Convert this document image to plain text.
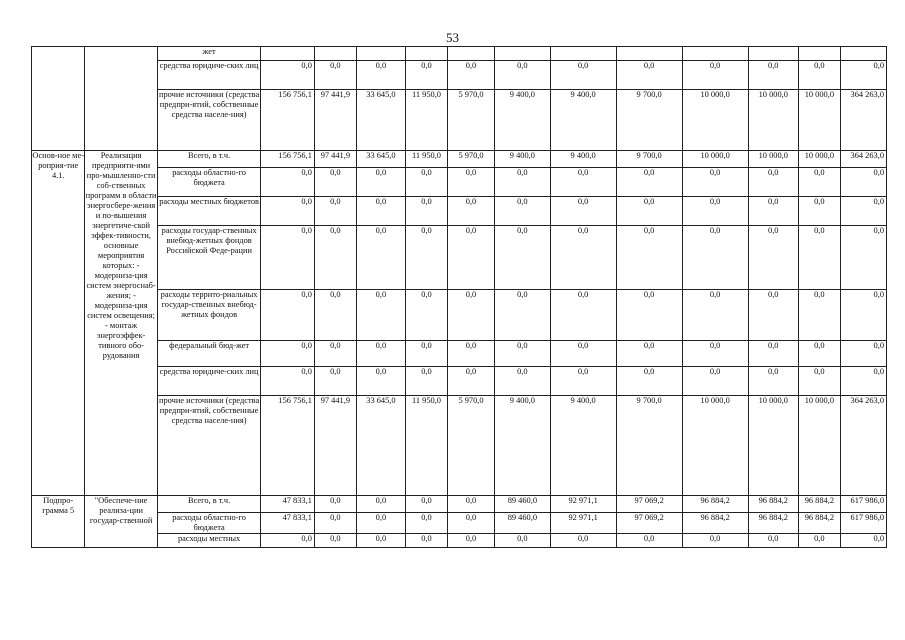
53
		жет												
		средства юридиче-ских лиц	0,0	0,0	0,0	0,0	0,0	0,0	0,0	0,0	0,0	0,0	0,0	0,0
		прочие источники (средства предпри-ятий, собственные средства населе-ния)	156 756,1	97 441,9	33 645,0	11 950,0	5 970,0	9 400,0	9 400,0	9 700,0	10 000,0	10 000,0	10 000,0	364 263,0
Основ-ное ме-роприя-тие 4.1.	Реализация предприяти-ями про-мышленно-сти соб-ственных программ в области энергосбере-жения и по-вышения энергетиче-ской эффек-тивности, основные мероприятия которых: - модерниза-ция систем энергоснаб-жения; - модерниза-ция систем освещения; - монтаж энергоэффек-тивного обо-рудования	Всего, в т.ч.	156 756,1	97 441,9	33 645,0	11 950,0	5 970,0	9 400,0	9 400,0	9 700,0	10 000,0	10 000,0	10 000,0	364 263,0
		расходы областно-го бюджета	0,0	0,0	0,0	0,0	0,0	0,0	0,0	0,0	0,0	0,0	0,0	0,0
		расходы местных бюджетов	0,0	0,0	0,0	0,0	0,0	0,0	0,0	0,0	0,0	0,0	0,0	0,0
		расходы государ-ственных внебюд-жетных фондов Российской Феде-рации	0,0	0,0	0,0	0,0	0,0	0,0	0,0	0,0	0,0	0,0	0,0	0,0
		расходы террито-риальных государ-ственных внебюд-жетных фондов	0,0	0,0	0,0	0,0	0,0	0,0	0,0	0,0	0,0	0,0	0,0	0,0
		федеральный бюд-жет	0,0	0,0	0,0	0,0	0,0	0,0	0,0	0,0	0,0	0,0	0,0	0,0
		средства юридиче-ских лиц	0,0	0,0	0,0	0,0	0,0	0,0	0,0	0,0	0,0	0,0	0,0	0,0
		прочие источники (средства предпри-ятий, собственные средства населе-ния)	156 756,1	97 441,9	33 645,0	11 950,0	5 970,0	9 400,0	9 400,0	9 700,0	10 000,0	10 000,0	10 000,0	364 263,0
Подпро-грамма 5	"Обеспече-ние реализа-ции государ-ственной	Всего, в т.ч.	47 833,1	0,0	0,0	0,0	0,0	89 460,0	92 971,1	97 069,2	96 884,2	96 884,2	96 884,2	617 986,0
		расходы областно-го бюджета	47 833,1	0,0	0,0	0,0	0,0	89 460,0	92 971,1	97 069,2	96 884,2	96 884,2	96 884,2	617 986,0
		расходы местных	0,0	0,0	0,0	0,0	0,0	0,0	0,0	0,0	0,0	0,0	0,0	0,0
